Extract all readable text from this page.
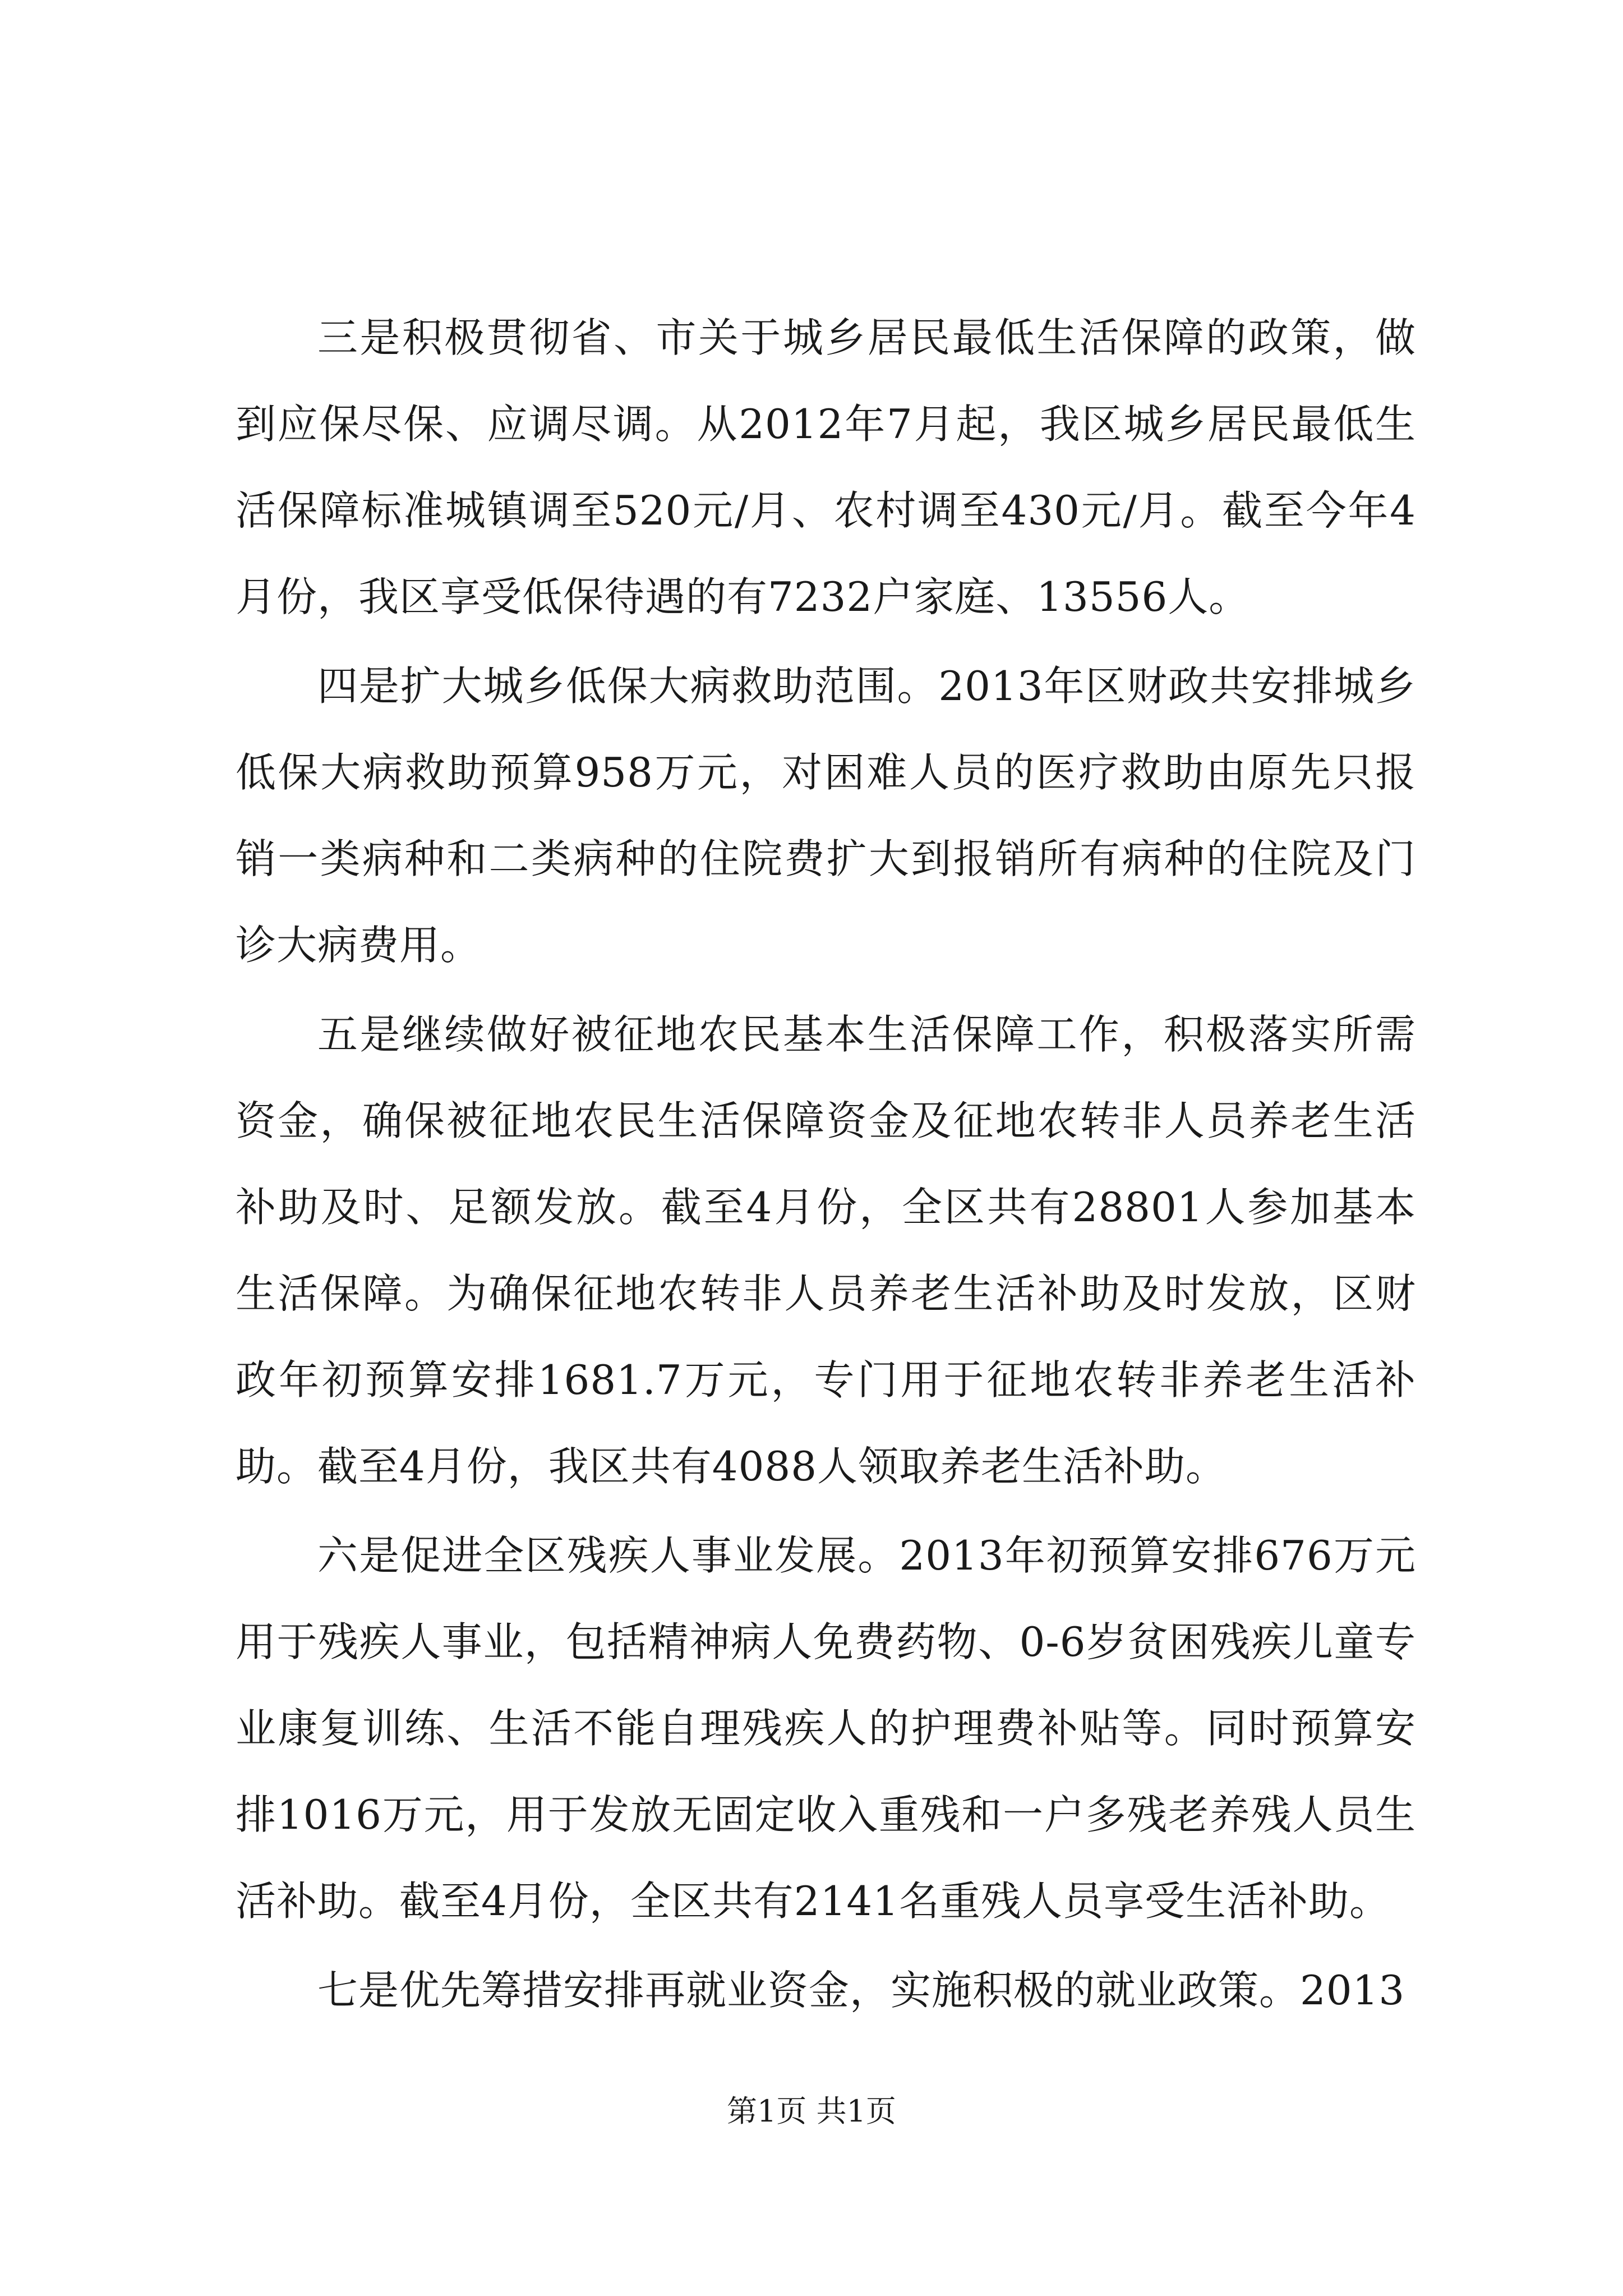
三是积极贯彻省、市关于城乡居民最低生活保障的政策，做到应保尽保、应调尽调。从2012年7月起，我区城乡居民最低生活保障标准城镇调至520元/月、农村调至430元/月。截至今年4月份，我区享受低保待遇的有7232户家庭、13556人。

四是扩大城乡低保大病救助范围。2013年区财政共安排城乡低保大病救助预算958万元，对困难人员的医疗救助由原先只报销一类病种和二类病种的住院费扩大到报销所有病种的住院及门诊大病费用。

五是继续做好被征地农民基本生活保障工作，积极落实所需资金，确保被征地农民生活保障资金及征地农转非人员养老生活补助及时、足额发放。截至4月份，全区共有28801人参加基本生活保障。为确保征地农转非人员养老生活补助及时发放，区财政年初预算安排1681.7万元，专门用于征地农转非养老生活补助。截至4月份，我区共有4088人领取养老生活补助。

六是促进全区残疾人事业发展。2013年初预算安排676万元用于残疾人事业，包括精神病人免费药物、0-6岁贫困残疾儿童专业康复训练、生活不能自理残疾人的护理费补贴等。同时预算安排1016万元，用于发放无固定收入重残和一户多残老养残人员生活补助。截至4月份，全区共有2141名重残人员享受生活补助。

七是优先筹措安排再就业资金，实施积极的就业政策。2013

第1页 共1页
